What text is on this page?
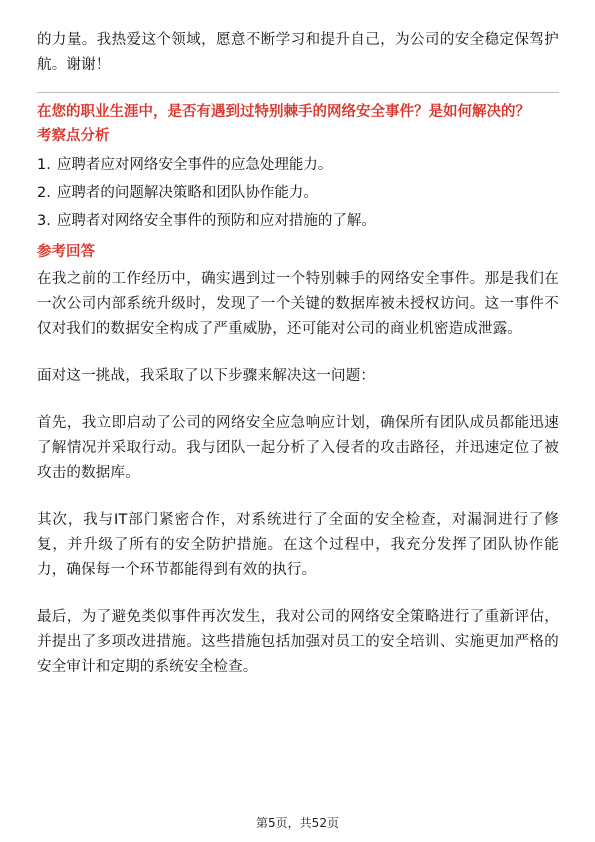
的力量。我热爱这个领域，愿意不断学习和提升自己，为公司的安全稳定保驾护航。谢谢！

在您的职业生涯中，是否有遇到过特别棘手的网络安全事件？是如何解决的？

考察点分析

1. 应聘者应对网络安全事件的应急处理能力。

2. 应聘者的问题解决策略和团队协作能力。

3. 应聘者对网络安全事件的预防和应对措施的了解。

参考回答

在我之前的工作经历中，确实遇到过一个特别棘手的网络安全事件。那是我们在一次公司内部系统升级时，发现了一个关键的数据库被未授权访问。这一事件不仅对我们的数据安全构成了严重威胁，还可能对公司的商业机密造成泄露。

面对这一挑战，我采取了以下步骤来解决这一问题：

首先，我立即启动了公司的网络安全应急响应计划，确保所有团队成员都能迅速了解情况并采取行动。我与团队一起分析了入侵者的攻击路径，并迅速定位了被攻击的数据库。

其次，我与IT部门紧密合作，对系统进行了全面的安全检查，对漏洞进行了修复，并升级了所有的安全防护措施。在这个过程中，我充分发挥了团队协作能力，确保每一个环节都能得到有效的执行。

最后，为了避免类似事件再次发生，我对公司的网络安全策略进行了重新评估，并提出了多项改进措施。这些措施包括加强对员工的安全培训、实施更加严格的安全审计和定期的系统安全检查。

第5页，共52页
